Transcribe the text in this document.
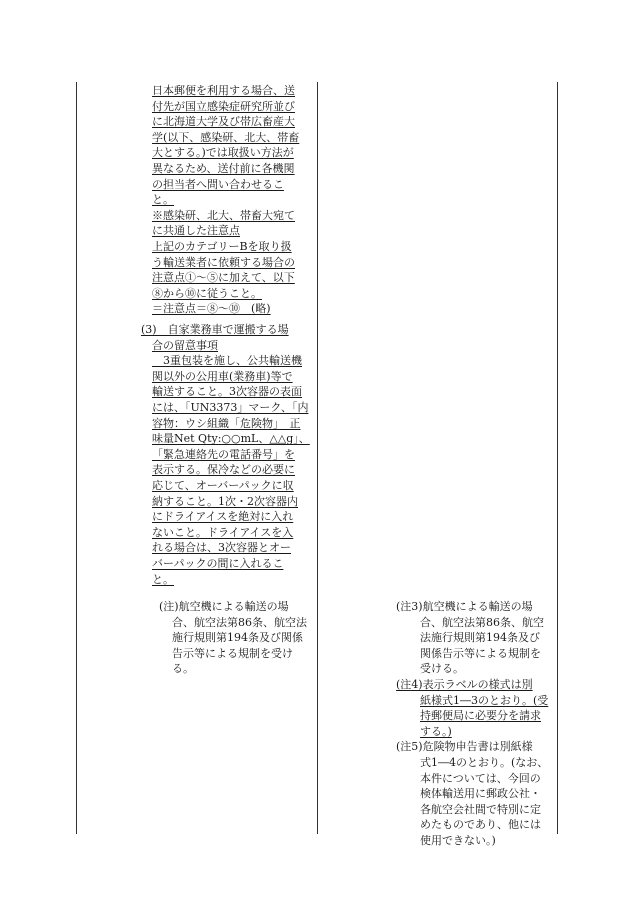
日本郵便を利用する場合、送

付先が国立感染症研究所並び

に北海道大学及び帯広畜産大

学(以下、感染研、北大、帯畜

大とする。)では取扱い方法が

異なるため、送付前に各機関

の担当者へ問い合わせるこ

と。

※感染研、北大、帯畜大宛て

に共通した注意点

上記のカテゴリーBを取り扱

う輸送業者に依頼する場合の

注意点①～⑤に加えて、以下

⑧から⑩に従うこと。

＝注意点＝⑧～⑩　(略)

(3)　自家業務車で運搬する場

合の留意事項

　3重包装を施し、公共輸送機

関以外の公用車(業務車)等で

輸送すること。3次容器の表面

には、「UN3373」マーク、「内

容物：ウシ組織「危険物」　正

味量Net Qty:○○mL、△△g」、

「緊急連絡先の電話番号」を

表示する。保冷などの必要に

応じて、オーバーパックに収

納すること。1次・2次容器内

にドライアイスを絶対に入れ

ないこと。ドライアイスを入

れる場合は、3次容器とオー

バーパックの間に入れるこ

と。

(注)航空機による輸送の場

合、航空法第86条、航空法

施行規則第194条及び関係

告示等による規制を受け

る。

(注3)航空機による輸送の場

合、航空法第86条、航空

法施行規則第194条及び

関係告示等による規制を

受ける。

(注4)表示ラベルの様式は別

紙様式1―3のとおり。(受

持郵便局に必要分を請求

する。)

(注5)危険物申告書は別紙様

式1―4のとおり。(なお、

本件については、今回の

検体輸送用に郵政公社・

各航空会社間で特別に定

めたものであり、他には

使用できない。)
